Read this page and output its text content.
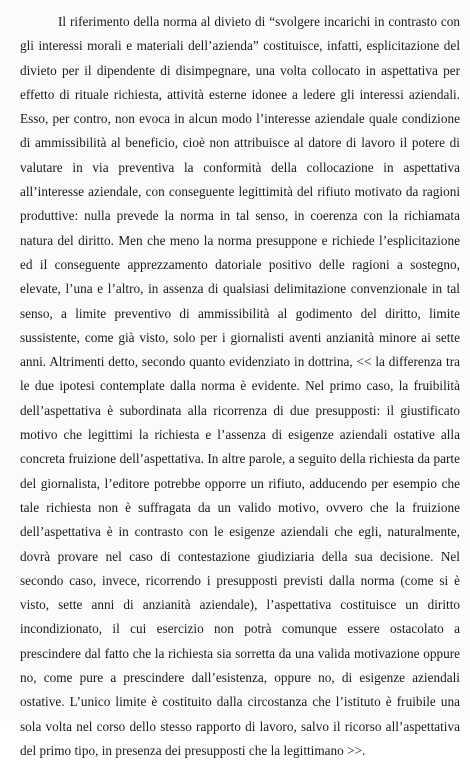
Il riferimento della norma al divieto di “svolgere incarichi in contrasto con
gli interessi morali e materiali dell’azienda” costituisce, infatti, esplicitazione del
divieto per il dipendente di disimpegnare, una volta collocato in aspettativa per
effetto di rituale richiesta, attività esterne idonee a ledere gli interessi aziendali.
Esso, per contro, non evoca in alcun modo l’interesse aziendale quale condizione
di ammissibilità al beneficio, cioè non attribuisce al datore di lavoro il potere di
valutare in via preventiva la conformità della collocazione in aspettativa
all’interesse aziendale, con conseguente legittimità del rifiuto motivato da ragioni
produttive: nulla prevede la norma in tal senso, in coerenza con la richiamata
natura del diritto. Men che meno la norma presuppone e richiede l’esplicitazione
ed il conseguente apprezzamento datoriale positivo delle ragioni a sostegno,
elevate, l’una e l’altro, in assenza di qualsiasi delimitazione convenzionale in tal
senso, a limite preventivo di ammissibilità al godimento del diritto, limite
sussistente, come già visto, solo per i giornalisti aventi anzianità minore ai sette
anni. Altrimenti detto, secondo quanto evidenziato in dottrina, << la differenza tra
le due ipotesi contemplate dalla norma è evidente. Nel primo caso, la fruibilità
dell’aspettativa è subordinata alla ricorrenza di due presupposti: il giustificato
motivo che legittimi la richiesta e l’assenza di esigenze aziendali ostative alla
concreta fruizione dell’aspettativa. In altre parole, a seguito della richiesta da parte
del giornalista, l’editore potrebbe opporre un rifiuto, adducendo per esempio che
tale richiesta non è suffragata da un valido motivo, ovvero che la fruizione
dell’aspettativa è in contrasto con le esigenze aziendali che egli, naturalmente,
dovrà provare nel caso di contestazione giudiziaria della sua decisione. Nel
secondo caso, invece, ricorrendo i presupposti previsti dalla norma (come si è
visto, sette anni di anzianità aziendale), l’aspettativa costituisce un diritto
incondizionato, il cui esercizio non potrà comunque essere ostacolato a
prescindere dal fatto che la richiesta sia sorretta da una valida motivazione oppure
no, come pure a prescindere dall’esistenza, oppure no, di esigenze aziendali
ostative. L’unico limite è costituito dalla circostanza che l’istituto è fruibile una
sola volta nel corso dello stesso rapporto di lavoro, salvo il ricorso all’aspettativa
del primo tipo, in presenza dei presupposti che la legittimano >>.
